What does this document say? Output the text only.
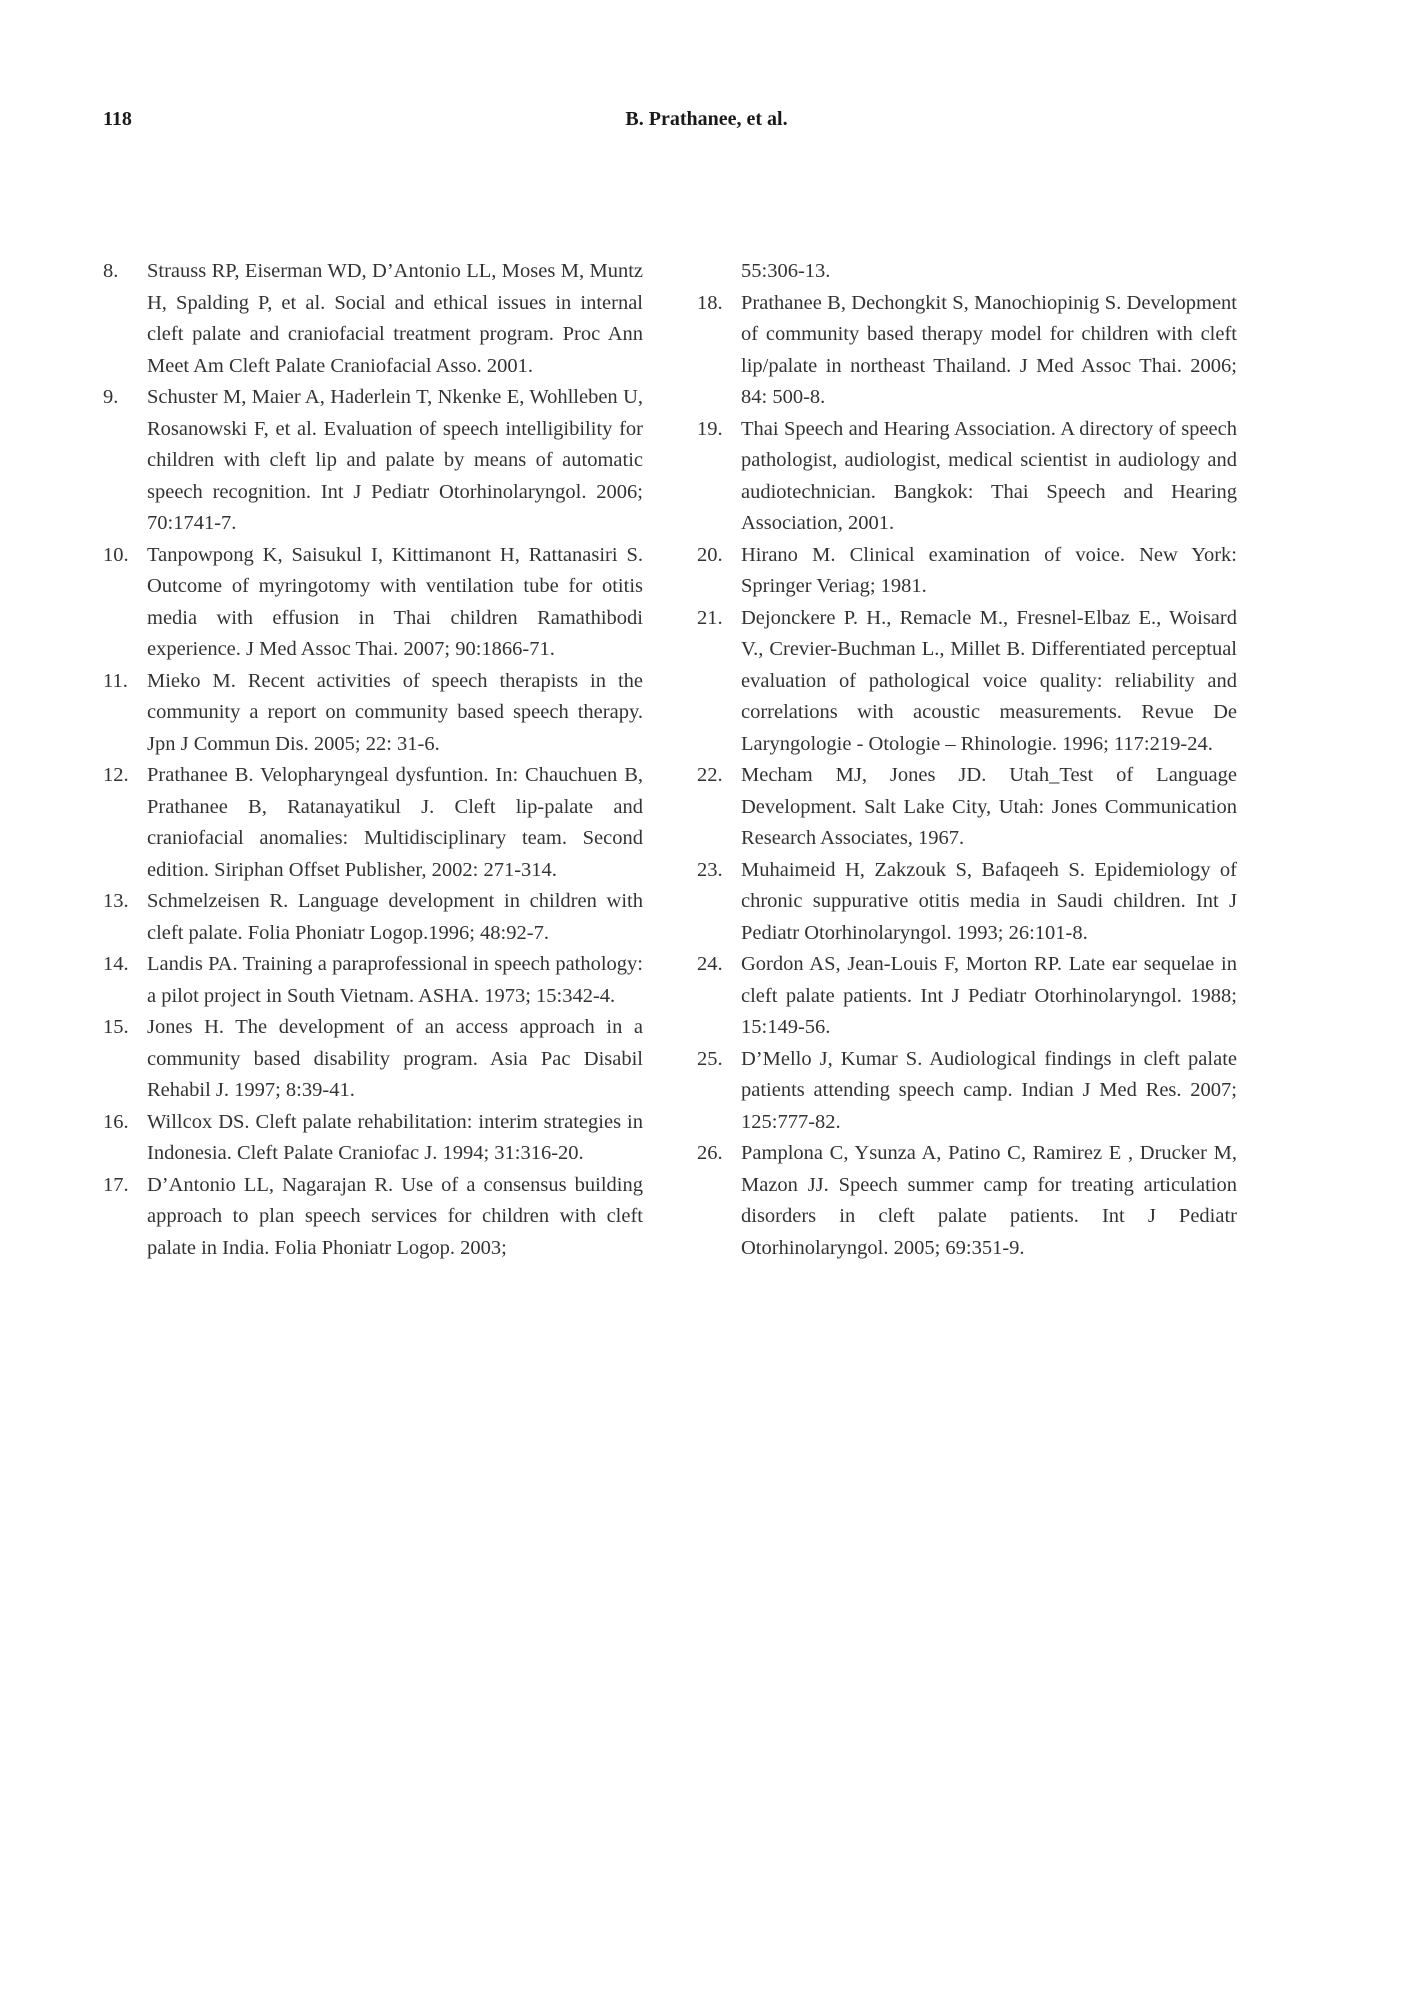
118	B. Prathanee, et al.
8. Strauss RP, Eiserman WD, D’Antonio LL, Moses M, Muntz H, Spalding P, et al. Social and ethical issues in internal cleft palate and craniofacial treatment program. Proc Ann Meet Am Cleft Palate Craniofacial Asso. 2001.
9. Schuster M, Maier A, Haderlein T, Nkenke E, Wohlleben U, Rosanowski F, et al. Evaluation of speech intelligibility for children with cleft lip and palate by means of automatic speech recognition. Int J Pediatr Otorhinolaryngol. 2006; 70:1741-7.
10. Tanpowpong K, Saisukul I, Kittimanont H, Rattanasiri S. Outcome of myringotomy with ventilation tube for otitis media with effusion in Thai children Ramathibodi experience. J Med Assoc Thai. 2007; 90:1866-71.
11. Mieko M. Recent activities of speech therapists in the community a report on community based speech therapy. Jpn J Commun Dis. 2005; 22: 31-6.
12. Prathanee B. Velopharyngeal dysfuntion. In: Chauchuen B, Prathanee B, Ratanayatikul J. Cleft lip-palate and craniofacial anomalies: Multidisciplinary team. Second edition. Siriphan Offset Publisher, 2002: 271-314.
13. Schmelzeisen R. Language development in children with cleft palate. Folia Phoniatr Logop.1996; 48:92-7.
14. Landis PA. Training a paraprofessional in speech pathology: a pilot project in South Vietnam. ASHA. 1973; 15:342-4.
15. Jones H. The development of an access approach in a community based disability program. Asia Pac Disabil Rehabil J. 1997; 8:39-41.
16. Willcox DS. Cleft palate rehabilitation: interim strategies in Indonesia. Cleft Palate Craniofac J. 1994; 31:316-20.
17. D’Antonio LL, Nagarajan R. Use of a consensus building approach to plan speech services for children with cleft palate in India. Folia Phoniatr Logop. 2003;
55:306-13.
18. Prathanee B, Dechongkit S, Manochiopinig S. Development of community based therapy model for children with cleft lip/palate in northeast Thailand. J Med Assoc Thai. 2006; 84: 500-8.
19. Thai Speech and Hearing Association. A directory of speech pathologist, audiologist, medical scientist in audiology and audiotechnician. Bangkok: Thai Speech and Hearing Association, 2001.
20. Hirano M. Clinical examination of voice. New York: Springer Veriag; 1981.
21. Dejonckere P. H., Remacle M., Fresnel-Elbaz E., Woisard V., Crevier-Buchman L., Millet B. Differentiated perceptual evaluation of pathological voice quality: reliability and correlations with acoustic measurements. Revue De Laryngologie - Otologie – Rhinologie. 1996; 117:219-24.
22. Mecham MJ, Jones JD. Utah_Test of Language Development. Salt Lake City, Utah: Jones Communication Research Associates, 1967.
23. Muhaimeid H, Zakzouk S, Bafaqeeh S. Epidemiology of chronic suppurative otitis media in Saudi children. Int J Pediatr Otorhinolaryngol. 1993; 26:101-8.
24. Gordon AS, Jean-Louis F, Morton RP. Late ear sequelae in cleft palate patients. Int J Pediatr Otorhinolaryngol. 1988; 15:149-56.
25. D’Mello J, Kumar S. Audiological findings in cleft palate patients attending speech camp. Indian J Med Res. 2007; 125:777-82.
26. Pamplona C, Ysunza A, Patino C, Ramirez E , Drucker M, Mazon JJ. Speech summer camp for treating articulation disorders in cleft palate patients. Int J Pediatr Otorhinolaryngol. 2005; 69:351-9.
